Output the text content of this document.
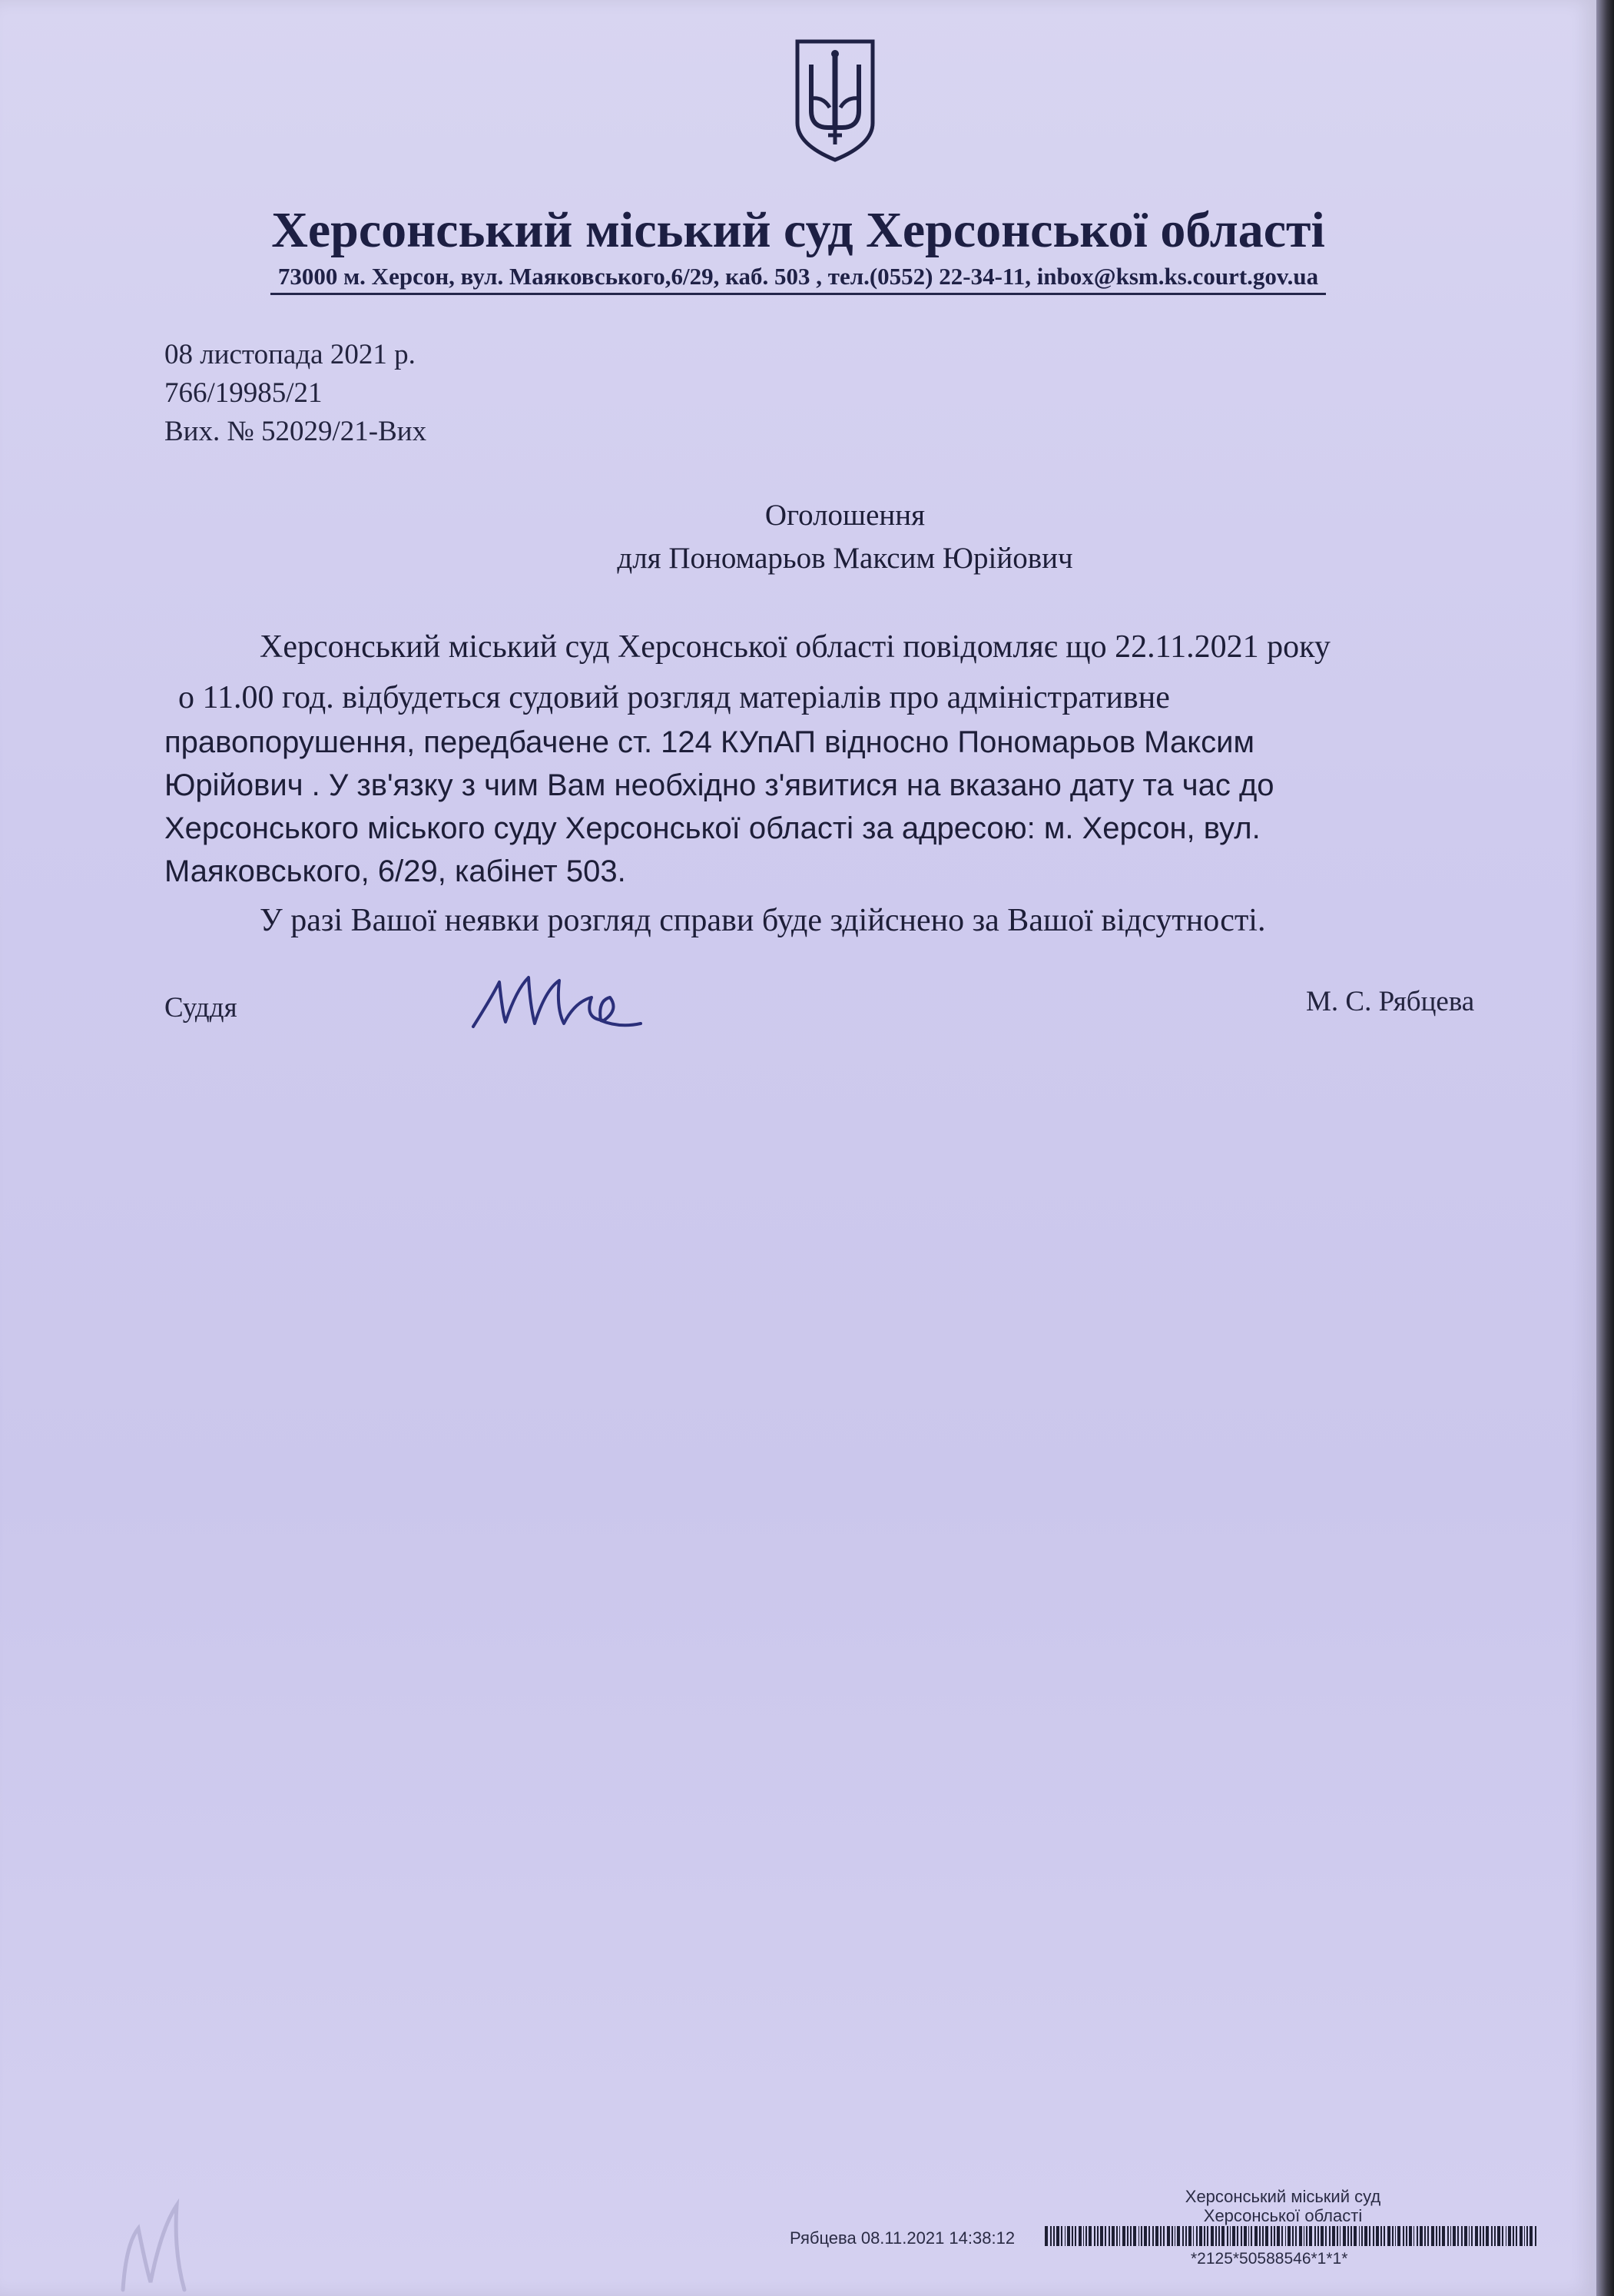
Херсонський міський суд Херсонської області
73000 м. Херсон, вул. Маяковського,6/29, каб. 503 , тел.(0552) 22-34-11, inbox@ksm.ks.court.gov.ua
08 листопада 2021 р.
766/19985/21
Вих. № 52029/21-Вих
Оголошення
для Пономарьов Максим Юрійович
Херсонський міський суд Херсонської області повідомляє що 22.11.2021 року
о 11.00 год. відбудеться судовий розгляд матеріалів про адміністративне
правопорушення, передбачене ст. 124 КУпАП відносно Пономарьов Максим
Юрійович . У зв'язку з чим Вам необхідно з'явитися на вказано дату та час до
Херсонського міського суду Херсонської області за адресою: м. Херсон, вул.
Маяковського, 6/29, кабінет 503.
У разі Вашої неявки розгляд справи буде здійснено за Вашої відсутності.
Суддя	М. С. Рябцева
Херсонський міський суд
Херсонської області
Рябцева 08.11.2021 14:38:12
*2125*50588546*1*1*
